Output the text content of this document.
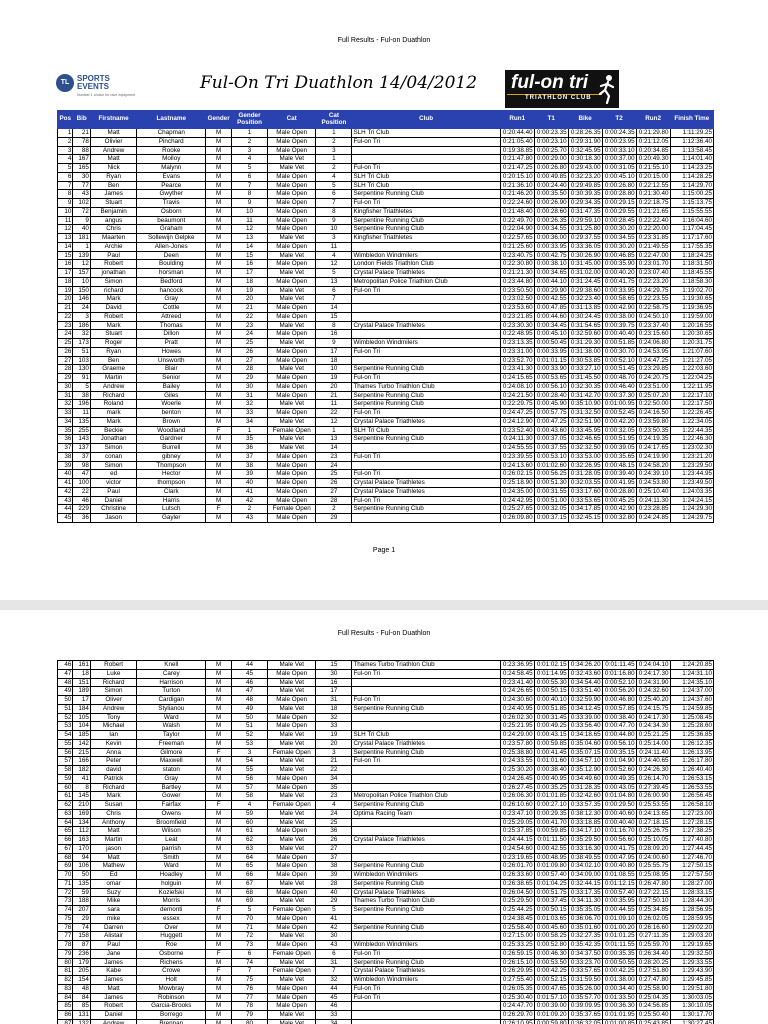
Full Results - Ful-on Duathlon
TL SPORTS
EVENTS
Number 1 choice for race equipment
Ful-On Tri Duathlon 14/04/2012 ful-on tri
TRIATHLON CLUB
Pos	Bib	Firstname	Lastname	Gender	Gender Position	Cat	Cat Position	Club	Run1	T1	Bike	T2	Run2	Finish Time
1	21	Matt	Chapman	M	1	Male Open	1	SLH Tri Club	0:20:44.40	0:00:23.35	0:28:26.35	0:00:24.35	0:21:29.80	1:11:29.25
2	78	Olivier	Pinchard	M	2	Male Open	2	Ful-on Tri	0:21:05.40	0:00:23.10	0:29:31.90	0:00:23.95	0:21:12.05	1:12:36.40
3	88	Andrew	Rooke	M	3	Male Open	3		0:19:38.85	0:00:25.70	0:32:45.95	0:00:33.10	0:20:34.85	1:13:58.45
4	167	Matt	Molloy	M	4	Male Vet	1		0:21:47.80	0:00:29.00	0:30:18.30	0:00:37.00	0:20:49.30	1:14:01.40
5	165	Nick	Malynn	M	5	Male Vet	2	Ful-on Tri	0:21:47.25	0:00:26.80	0:29:43.00	0:00:31.05	0:21:55.10	1:14:23.25
6	30	Ryan	Evans	M	6	Male Open	4	SLH Tri Club	0:20:15.10	0:00:49.85	0:32:23.20	0:00:45.10	0:20:15.00	1:14:28.25
7	77	Ben	Pearce	M	7	Male Open	5	SLH Tri Club	0:21:36.10	0:00:24.40	0:29:49.85	0:00:26.80	0:22:12.55	1:14:29.70
8	43	James	Gwyther	M	8	Male Open	6	Serpentine Running Club	0:21:46.20	0:00:35.50	0:30:39.35	0:00:28.80	0:21:30.40	1:15:00.25
9	102	Stuart	Travis	M	9	Male Open	7	Ful-on Tri	0:22:24.60	0:00:26.90	0:29:34.35	0:00:29.15	0:22:18.75	1:15:13.75
10	72	Benjamin	Osborn	M	10	Male Open	8	Kingfisher Triathletes	0:21:48.40	0:00:28.60	0:31:47.35	0:00:29.55	0:21:21.65	1:15:55.55
11	9	angus	beaumont	M	11	Male Open	9	Serpentine Running Club	0:22:49.70	0:00:26.35	0:29:59.10	0:00:28.45	0:22:22.40	1:16:04.60
12	40	Chris	Graham	M	12	Male Open	10	Serpentine Running Club	0:22:04.90	0:00:34.55	0:31:25.80	0:00:30.20	0:22:20.00	1:17:04.45
13	181	Maarten	Sollewijn Gelpke	M	13	Male Vet	3	Kingfisher Triathletes	0:22:57.65	0:00:36.00	0:29:37.55	0:00:34.55	0:23:31.85	1:17:17.60
14	1	Archie	Allen-Jones	M	14	Male Open	11		0:21:25.60	0:00:33.95	0:33:36.05	0:00:30.20	0:21:49.55	1:17:55.35
15	139	Paul	Deen	M	15	Male Vet	4	Wimbledon Windmilers	0:23:40.75	0:00:42.75	0:30:26.90	0:00:46.85	0:22:47.00	1:18:24.25
16	12	Robert	Boulding	M	16	Male Open	12	London Fields Triathlon Club	0:22:30.80	0:00:38.10	0:31:45.00	0:00:35.90	0:23:01.70	1:18:31.50
17	157	jonathan	horsman	M	17	Male Vet	5	Crystal Palace Triathletes	0:21:21.30	0:00:34.65	0:31:02.00	0:00:40.20	0:23:07.40	1:18:45.55
18	10	Simon	Bedford	M	18	Male Open	13	Metropolitan Police Triathlon Club	0:23:44.80	0:00:44.10	0:31:24.45	0:00:41.75	0:22:23.20	1:18:58.30
19	150	richard	hancock	M	19	Male Vet	6	Ful-on Tri	0:23:50.50	0:00:29.90	0:29:38.60	0:00:33.95	0:24:29.75	1:19:02.70
20	146	Mark	Gray	M	20	Male Vet	7		0:23:02.50	0:00:42.55	0:32:23.40	0:00:58.65	0:22:23.55	1:19:30.65
21	24	David	Cottle	M	21	Male Open	14		0:23:53.60	0:00:47.85	0:31:13.85	0:00:42.90	0:22:58.75	1:19:36.95
22	3	Robert	Attreed	M	22	Male Open	15		0:23:21.85	0:00:44.60	0:30:24.45	0:00:38.00	0:24:50.10	1:19:59.00
23	186	Mark	Thomas	M	23	Male Vet	8	Crystal Palace Triathletes	0:23:30.30	0:00:34.45	0:31:54.65	0:00:39.75	0:23:37.40	1:20:16.55
24	32	Stuart	Dillon	M	24	Male Open	16		0:22:48.95	0:00:45.10	0:32:59.60	0:00:40.40	0:23:15.60	1:20:30.65
25	173	Roger	Pratt	M	25	Male Vet	9	Wimbledon Windmilers	0:23:13.35	0:00:50.45	0:31:29.30	0:00:51.85	0:24:06.80	1:20:31.75
26	51	Ryan	Howes	M	26	Male Open	17	Ful-on Tri	0:23:31.00	0:00:33.95	0:31:38.00	0:00:30.70	0:24:53.95	1:21:07.60
27	103	Ben	Unsworth	M	27	Male Open	18		0:23:52.70	0:01:01.15	0:30:53.85	0:00:52.10	0:24:47.25	1:21:27.05
28	130	Graeme	Blair	M	28	Male Vet	10	Serpentine Running Club	0:23:41.30	0:00:33.90	0:33:27.10	0:00:51.45	0:23:29.85	1:22:03.60
29	91	Martin	Senior	M	29	Male Open	19	Ful-on Tri	0:24:15.65	0:00:53.65	0:31:45.50	0:00:48.70	0:24:20.75	1:22:04.25
30	5	Andrew	Bailey	M	30	Male Open	20	Thames Turbo Triathlon Club	0:24:08.10	0:00:56.10	0:32:30.35	0:00:46.40	0:23:51.00	1:22:11.95
31	38	Richard	Giles	M	31	Male Open	21	Serpentine Running Club	0:24:21.50	0:00:28.40	0:31:42.70	0:00:37.30	0:25:07.20	1:22:17.10
32	196	Roland	Woerle	M	32	Male Vet	11	Serpentine Running Club	0:22:29.75	0:00:45.90	0:35:10.90	0:01:00.95	0:22:50.00	1:22:17.50
33	11	mark	benton	M	33	Male Open	22	Ful-on Tri	0:24:47.25	0:00:57.75	0:31:32.50	0:00:52.45	0:24:16.50	1:22:26.45
34	135	Mark	Brown	M	34	Male Vet	12	Crystal Palace Triathletes	0:24:12.90	0:00:47.25	0:32:51.90	0:00:42.20	0:23:59.80	1:22:34.05
35	255	Beckie	Woodland	F	1	Female Open	1	SLH Tri Club	0:23:52.40	0:00:43.60	0:33:45.95	0:00:32.05	0:23:50.35	1:22:44.35
36	143	Jonathan	Gardner	M	35	Male Vet	13	Serpentine Running Club	0:24:11.30	0:00:37.05	0:32:46.65	0:00:51.95	0:24:19.35	1:22:46.30
37	137	Simon	Burrell	M	36	Male Vet	14		0:24:55.55	0:00:37.55	0:32:32.50	0:00:39.05	0:24:17.65	1:23:02.30
38	37	conan	gibney	M	37	Male Open	23	Ful-on Tri	0:23:39.55	0:00:53.10	0:33:53.00	0:00:35.65	0:24:19.90	1:23:21.20
39	98	Simon	Thompson	M	38	Male Open	24		0:24:13.60	0:01:02.60	0:32:26.95	0:00:48.15	0:24:58.20	1:23:29.50
40	47	ed	Hector	M	39	Male Open	25	Ful-on Tri	0:26:02.15	0:00:56.25	0:31:28.05	0:00:39.40	0:24:39.10	1:23:44.95
41	100	victor	thompson	M	40	Male Open	26	Crystal Palace Triathletes	0:25:18.90	0:00:51.30	0:32:03.55	0:00:41.95	0:24:53.80	1:23:49.50
42	22	Paul	Clark	M	41	Male Open	27	Crystal Palace Triathletes	0:24:35.00	0:00:31.55	0:33:17.60	0:00:28.80	0:25:10.40	1:24:03.35
43	46	Daniel	Harris	M	42	Male Open	28	Ful-on Tri	0:24:42.95	0:00:51.00	0:33:53.65	0:00:45.25	0:24:11.30	1:24:24.15
44	229	Christine	Lutsch	F	2	Female Open	2	Serpentine Running Club	0:25:27.65	0:00:32.05	0:34:17.85	0:00:42.90	0:23:28.85	1:24:29.30
45	36	Jason	Gayler	M	43	Male Open	29		0:26:09.80	0:00:37.15	0:32:45.15	0:00:32.80	0:24:24.85	1:24:29.75
Page 1
Full Results - Ful-on Duathlon
46	161	Robert	Knell	M	44	Male Vet	15	Thames Turbo Triathlon Club	0:23:36.95	0:01:02.15	0:34:26.20	0:01:11.45	0:24:04.10	1:24:20.85
47	18	Luke	Carey	M	45	Male Open	30	Ful-on Tri	0:24:58.45	0:01:14.95	0:32:43.60	0:01:16.80	0:24:17.30	1:24:31.10
48	151	Richard	Harrison	M	46	Male Vet	16		0:23:41.40	0:00:55.30	0:34:54.40	0:00:52.10	0:24:31.90	1:24:35.10
49	189	Simon	Turton	M	47	Male Vet	17		0:24:26.65	0:00:50.15	0:33:51.40	0:00:56.20	0:24:32.60	1:24:37.00
50	17	Oliver	Cardigan	M	48	Male Open	31	Ful-on Tri	0:24:30.60	0:00:40.10	0:32:59.90	0:00:46.80	0:25:40.20	1:24:37.60
51	184	Andrew	Stylianou	M	49	Male Vet	18	Serpentine Running Club	0:24:40.95	0:00:51.85	0:34:12.45	0:00:57.85	0:24:15.75	1:24:59.85
52	105	Tony	Ward	M	50	Male Open	32		0:26:02.30	0:00:31.45	0:33:39.00	0:00:38.40	0:24:17.30	1:25:08.45
53	104	Michael	Walsh	M	51	Male Open	33		0:25:21.95	0:00:49.25	0:33:56.40	0:00:47.70	0:24:34.30	1:25:28.60
54	185	Ian	Taylor	M	52	Male Vet	19	SLH Tri Club	0:24:29.00	0:00:43.15	0:34:18.65	0:00:44.80	0:25:21.25	1:25:36.85
55	142	Kevin	Freeman	M	53	Male Vet	20	Crystal Palace Triathletes	0:23:57.80	0:00:59.85	0:35:04.60	0:00:56.10	0:25:14.00	1:26:12.35
56	215	Anna	Gilmore	F	3	Female Open	3	Serpentine Running Club	0:25:38.80	0:00:41.45	0:35:07.15	0:00:35.15	0:24:11.40	1:26:13.95
57	166	Peter	Maxwell	M	54	Male Vet	21	Ful-on Tri	0:24:33.55	0:01:01.60	0:34:57.10	0:01:04.90	0:24:40.65	1:26:17.80
58	182	david	staton	M	55	Male Vet	22		0:25:30.20	0:00:38.40	0:35:12.90	0:00:52.60	0:24:26.30	1:26:40.40
59	41	Patrick	Gray	M	56	Male Open	34		0:24:26.45	0:00:40.95	0:34:49.60	0:00:49.35	0:26:14.70	1:26:53.15
60	8	Richard	Bartley	M	57	Male Open	35		0:26:27.45	0:00:35.25	0:31:28.35	0:00:43.05	0:27:39.45	1:26:53.55
61	145	Mark	Gower	M	58	Male Vet	23	Metropolitan Police Triathlon Club	0:26:06.30	0:01:01.85	0:32:42.60	0:01:04.80	0:26:00.90	1:26:56.45
62	210	Susan	Fairfax	F	4	Female Open	4	Serpentine Running Club	0:26:10.60	0:00:27.10	0:33:57.35	0:00:29.50	0:25:53.55	1:26:58.10
63	169	Chris	Owens	M	59	Male Vet	24	Optima Racing Team	0:23:47.10	0:00:29.35	0:38:12.30	0:00:40.60	0:24:13.65	1:27:23.00
64	134	Anthony	Broomfield	M	60	Male Vet	25		0:25:29.05	0:00:41.70	0:33:18.85	0:00:40.40	0:27:18.15	1:27:28.15
65	112	Matt	Wilson	M	61	Male Open	36		0:25:37.85	0:00:59.85	0:34:17.10	0:01:16.70	0:25:26.75	1:27:38.25
66	163	Martin	Leat	M	62	Male Vet	26	Crystal Palace Triathletes	0:24:44.15	0:01:11.50	0:35:29.50	0:00:56.60	0:25:10.05	1:27:40.80
67	170	jason	parrish	M	63	Male Vet	27		0:24:54.60	0:00:42.55	0:33:16.30	0:00:41.75	0:28:09.20	1:27:44.45
68	94	Matt	Smith	M	64	Male Open	37		0:23:19.65	0:00:48.95	0:38:49.55	0:00:47.95	0:24:00.60	1:27:46.70
69	106	Mathew	Ward	M	65	Male Open	38	Serpentine Running Club	0:26:01.70	0:01:09.80	0:34:02.10	0:00:40.80	0:25:55.75	1:27:50.15
70	50	Ed	Hoadley	M	66	Male Open	39	Wimbledon Windmilers	0:26:33.60	0:00:57.40	0:34:09.00	0:01:08.55	0:25:08.95	1:27:57.50
71	135	omar	holguin	M	67	Male Vet	28	Serpentine Running Club	0:26:38.65	0:01:04.25	0:32:44.15	0:01:12.15	0:26:47.80	1:28:27.00
72	59	Suzy	Koziefski	M	68	Male Open	40	Crystal Palace Triathletes	0:26:04.50	0:00:51.75	0:33:17.35	0:00:57.40	0:27:22.15	1:28:33.15
73	188	Mike	Morris	M	69	Male Vet	29	Thames Turbo Triathlon Club	0:25:29.50	0:00:37.45	0:34:11.30	0:00:35.95	0:27:50.10	1:28:44.30
74	207	sara	demonti	F	5	Female Open	5	Serpentine Running Club	0:25:44.25	0:00:50.15	0:35:35.05	0:00:44.55	0:25:34.85	1:28:56.95
75	29	mike	essex	M	70	Male Open	41		0:24:38.45	0:01:03.65	0:36:06.70	0:01:09.10	0:26:02.05	1:28:59.95
76	74	Darren	Over	M	71	Male Open	42	Serpentine Running Club	0:25:58.40	0:00:45.60	0:35:01.60	0:01:00.20	0:26:16.60	1:29:02.20
77	158	Alistair	Huggett	M	72	Male Vet	30		0:27:15.00	0:00:58.25	0:32:27.35	0:01:01.25	0:27:11.35	1:29:03.20
78	87	Paul	Roe	M	73	Male Open	43	Wimbledon Windmilers	0:25:33.25	0:00:52.80	0:35:42.35	0:01:11.55	0:25:59.70	1:29:19.65
79	236	Jane	Osborne	F	6	Female Open	6	Ful-on Tri	0:26:59.15	0:00:46.30	0:34:37.50	0:00:35.35	0:26:34.40	1:29:32.50
80	179	James	Richens	M	74	Male Vet	31	Serpentine Running Club	0:26:15.10	0:00:53.50	0:33:23.70	0:00:50.55	0:28:20.25	1:29:33.55
81	205	Kabe	Crowe	F	7	Female Open	7	Crystal Palace Triathletes	0:26:29.95	0:00:42.25	0:33:57.65	0:00:42.25	0:27:51.80	1:29:43.90
82	154	James	Holt	M	75	Male Vet	32	Wimbledon Windmilers	0:27:55.40	0:00:52.15	0:31:59.50	0:01:38.00	0:27:47.80	1:29:45.85
83	48	Matt	Mowbray	M	76	Male Open	44	Ful-on Tri	0:26:05.35	0:00:47.65	0:35:26.00	0:00:34.40	0:25:58.90	1:29:51.80
84	84	James	Robinson	M	77	Male Open	45	Ful-on Tri	0:25:30.40	0:01:57.10	0:35:57.70	0:01:33.50	0:25:04.35	1:30:03.05
85	85	Robert	Garcia-Brooks	M	78	Male Open	46		0:24:47.70	0:00:39.00	0:39:09.95	0:00:36.30	0:24:56.85	1:30:10.05
86	131	Daniel	Borrego	M	79	Male Vet	33		0:26:29.70	0:01:09.20	0:35:37.65	0:01:01.95	0:25:50.40	1:30:17.70
87	132	Andrew	Brennan	M	80	Male Vet	34		0:26:10.95	0:00:59.80	0:36:32.05	0:01:00.85	0:25:43.85	1:30:27.45
